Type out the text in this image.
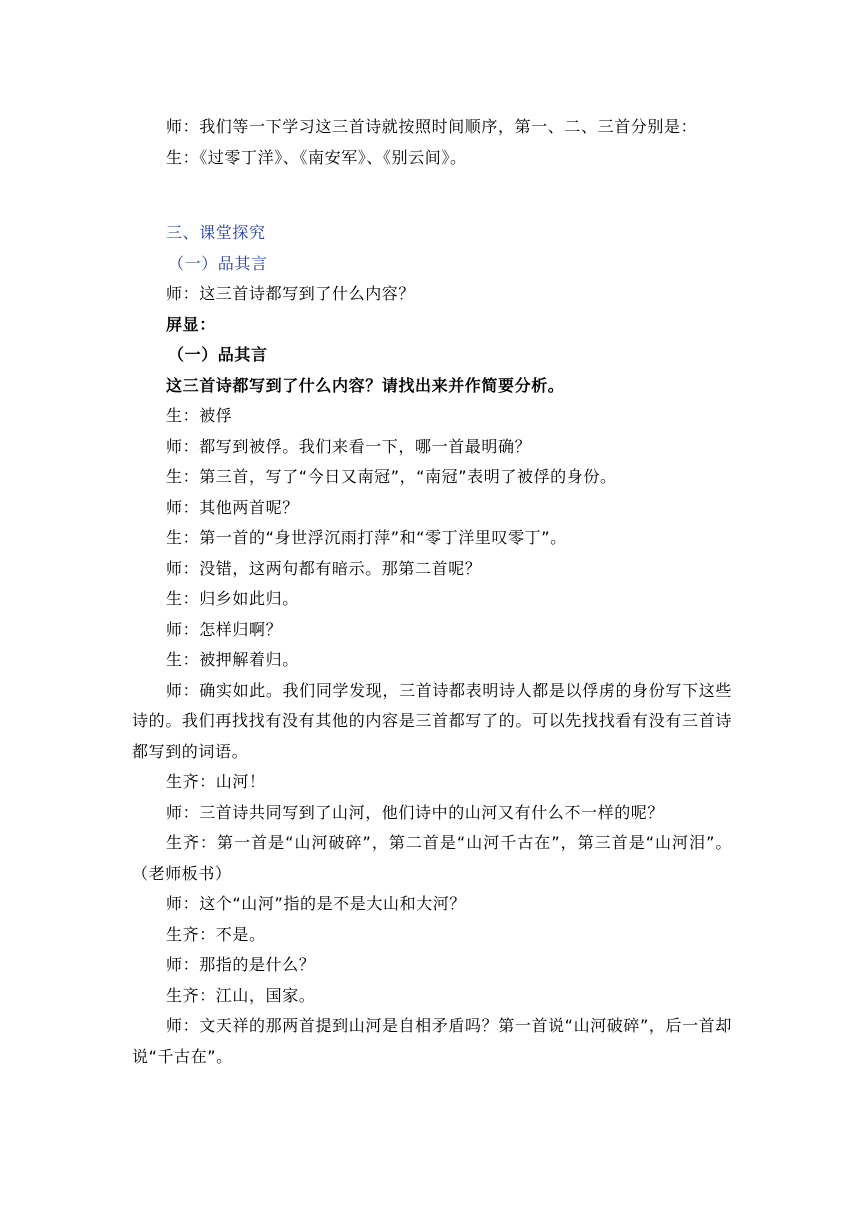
师：我们等一下学习这三首诗就按照时间顺序，第一、二、三首分别是：

生：《过零丁洋》、《南安军》、《别云间》。

三、课堂探究

（一）品其言

师：这三首诗都写到了什么内容？

屏显：

（一）品其言

这三首诗都写到了什么内容？请找出来并作简要分析。

生：被俘

师：都写到被俘。我们来看一下，哪一首最明确？

生：第三首，写了“今日又南冠”，“南冠”表明了被俘的身份。

师：其他两首呢？

生：第一首的“身世浮沉雨打萍”和“零丁洋里叹零丁”。

师：没错，这两句都有暗示。那第二首呢？

生：归乡如此归。

师：怎样归啊？

生：被押解着归。

师：确实如此。我们同学发现，三首诗都表明诗人都是以俘虏的身份写下这些诗的。我们再找找有没有其他的内容是三首都写了的。可以先找找看有没有三首诗都写到的词语。

生齐：山河！

师：三首诗共同写到了山河，他们诗中的山河又有什么不一样的呢？

生齐：第一首是“山河破碎”，第二首是“山河千古在”，第三首是“山河泪”。（老师板书）

师：这个“山河”指的是不是大山和大河？

生齐：不是。

师：那指的是什么？

生齐：江山，国家。

师：文天祥的那两首提到山河是自相矛盾吗？第一首说“山河破碎”，后一首却说“千古在”。
